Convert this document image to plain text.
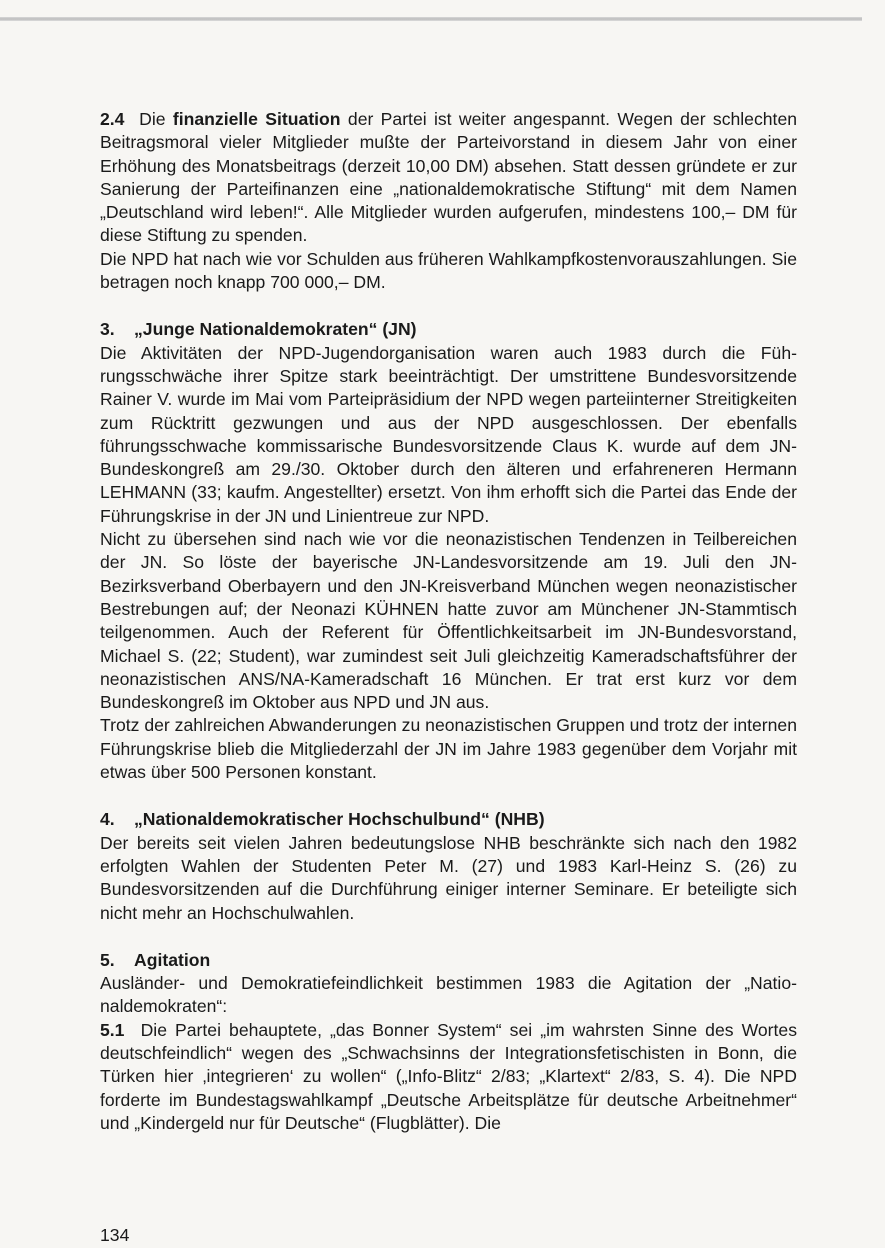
2.4 Die finanzielle Situation der Partei ist weiter angespannt. Wegen der schlechten Beitragsmoral vieler Mitglieder mußte der Parteivorstand in diesem Jahr von einer Erhöhung des Monatsbeitrags (derzeit 10,00 DM) absehen. Statt dessen gründete er zur Sanierung der Parteifinanzen eine „nationaldemokratische Stiftung“ mit dem Namen „Deutschland wird leben!“. Alle Mitglieder wurden aufgerufen, mindestens 100,– DM für diese Stiftung zu spenden.

Die NPD hat nach wie vor Schulden aus früheren Wahlkampfkostenvorauszahlungen. Sie betragen noch knapp 700 000,– DM.

3. „Junge Nationaldemokraten“ (JN)

Die Aktivitäten der NPD-Jugendorganisation waren auch 1983 durch die Führungsschwäche ihrer Spitze stark beeinträchtigt. Der umstrittene Bundesvorsitzende Rainer V. wurde im Mai vom Parteipräsidium der NPD wegen parteiinterner Streitigkeiten zum Rücktritt gezwungen und aus der NPD ausgeschlossen. Der ebenfalls führungsschwache kommissarische Bundesvorsitzende Claus K. wurde auf dem JN-Bundeskongreß am 29./30. Oktober durch den älteren und erfahreneren Hermann LEHMANN (33; kaufm. Angestellter) ersetzt. Von ihm erhofft sich die Partei das Ende der Führungskrise in der JN und Linientreue zur NPD.

Nicht zu übersehen sind nach wie vor die neonazistischen Tendenzen in Teilbereichen der JN. So löste der bayerische JN-Landesvorsitzende am 19. Juli den JN-Bezirksverband Oberbayern und den JN-Kreisverband München wegen neonazistischer Bestrebungen auf; der Neonazi KÜHNEN hatte zuvor am Münchener JN-Stammtisch teilgenommen. Auch der Referent für Öffentlichkeitsarbeit im JN-Bundesvorstand, Michael S. (22; Student), war zumindest seit Juli gleichzeitig Kameradschaftsführer der neonazistischen ANS/NA-Kameradschaft 16 München. Er trat erst kurz vor dem Bundeskongreß im Oktober aus NPD und JN aus.

Trotz der zahlreichen Abwanderungen zu neonazistischen Gruppen und trotz der internen Führungskrise blieb die Mitgliederzahl der JN im Jahre 1983 gegenüber dem Vorjahr mit etwas über 500 Personen konstant.

4. „Nationaldemokratischer Hochschulbund“ (NHB)

Der bereits seit vielen Jahren bedeutungslose NHB beschränkte sich nach den 1982 erfolgten Wahlen der Studenten Peter M. (27) und 1983 Karl-Heinz S. (26) zu Bundesvorsitzenden auf die Durchführung einiger interner Seminare. Er beteiligte sich nicht mehr an Hochschulwahlen.

5. Agitation

Ausländer- und Demokratiefeindlichkeit bestimmen 1983 die Agitation der „Nationaldemokraten“:

5.1 Die Partei behauptete, „das Bonner System“ sei „im wahrsten Sinne des Wortes deutschfeindlich“ wegen des „Schwachsinns der Integrationsfetischisten in Bonn, die Türken hier ‚integrieren‘ zu wollen“ („Info-Blitz“ 2/83; „Klartext“ 2/83, S. 4). Die NPD forderte im Bundestagswahlkampf „Deutsche Arbeitsplätze für deutsche Arbeitnehmer“ und „Kindergeld nur für Deutsche“ (Flugblätter). Die

134
